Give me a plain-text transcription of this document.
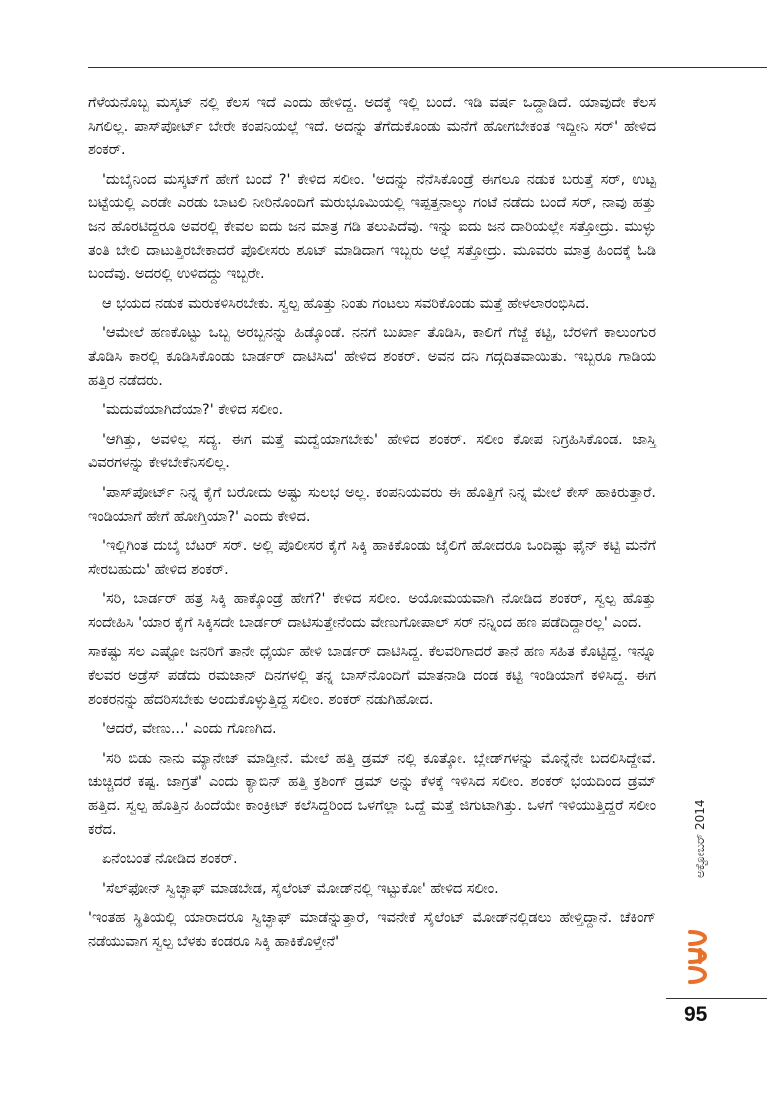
ಗೆಳೆಯನೊಬ್ಬ ಮಸ್ಕಟ್ ನಲ್ಲಿ ಕೆಲಸ ಇದೆ ಎಂದು ಹೇಳಿದ್ದ. ಅದಕ್ಕೆ ಇಲ್ಲಿ ಬಂದೆ. ಇಡಿ ವರ್ಷ ಒದ್ದಾಡಿದೆ. ಯಾವುದೇ ಕೆಲಸ ಸಿಗಲಿಲ್ಲ. ಪಾಸ್‌ಪೋರ್ಟ್ ಬೇರೇ ಕಂಪನಿಯಲ್ಲೆ ಇದೆ. ಅದನ್ನು ತೆಗೆದುಕೊಂಡು ಮನೆಗೆ ಹೋಗಬೇಕಂತ ಇದ್ದೀನಿ ಸರ್' ಹೇಳಿದ ಶಂಕರ್.

'ದುಬೈನಿಂದ ಮಸ್ಕಟ್‌ಗೆ ಹೇಗೆ ಬಂದೆ ?' ಕೇಳಿದ ಸಲೀಂ. 'ಅದನ್ನು ನೆನೆಸಿಕೊಂಡ್ರೆ ಈಗಲೂ ನಡುಕ ಬರುತ್ತೆ ಸರ್, ಉಟ್ಟ ಬಟ್ಟೆಯಲ್ಲಿ ಎರಡೇ ಎರಡು ಬಾಟಲಿ ನೀರಿನೊಂದಿಗೆ ಮರುಭೂಮಿಯಲ್ಲಿ ಇಪ್ಪತ್ತನಾಲ್ಕು ಗಂಟೆ ನಡೆದು ಬಂದೆ ಸರ್, ನಾವು ಹತ್ತು ಜನ ಹೊರಟಿದ್ದರೂ ಅವರಲ್ಲಿ ಕೇವಲ ಐದು ಜನ ಮಾತ್ರ ಗಡಿ ತಲುಪಿದೆವು. ಇನ್ನು ಐದು ಜನ ದಾರಿಯಲ್ಲೇ ಸತ್ತೋದ್ರು. ಮುಳ್ಳು ತಂತಿ ಬೇಲಿ ದಾಟುತ್ತಿರಬೇಕಾದರೆ ಪೊಲೀಸರು ಶೂಟ್ ಮಾಡಿದಾಗ ಇಬ್ಬರು ಅಲ್ಲೆ ಸತ್ತೋದ್ರು. ಮೂವರು ಮಾತ್ರ ಹಿಂದಕ್ಕೆ ಓಡಿ ಬಂದೆವು. ಅದರಲ್ಲಿ ಉಳಿದದ್ದು ಇಬ್ಬರೇ.

ಆ ಭಯದ ನಡುಕ ಮರುಕಳಿಸಿರಬೇಕು. ಸ್ವಲ್ಪ ಹೊತ್ತು ನಿಂತು ಗಂಟಲು ಸವರಿಕೊಂಡು ಮತ್ತೆ ಹೇಳಲಾರಂಭಿಸಿದ.

'ಆಮೇಲೆ ಹಣಕೊಟ್ಟು ಒಬ್ಬ ಅರಬ್ಬನನ್ನು ಹಿಡ್ಕೊಂಡೆ. ನನಗೆ ಬುರ್ಖಾ ತೊಡಿಸಿ, ಕಾಲಿಗೆ ಗೆಜ್ಜೆ ಕಟ್ಟಿ, ಬೆರಳಿಗೆ ಕಾಲುಂಗುರ ತೊಡಿಸಿ ಕಾರಲ್ಲಿ ಕೂಡಿಸಿಕೊಂಡು ಬಾರ್ಡರ್ ದಾಟಿಸಿದ' ಹೇಳಿದ ಶಂಕರ್. ಅವನ ದನಿ ಗದ್ಗದಿತವಾಯಿತು. ಇಬ್ಬರೂ ಗಾಡಿಯ ಹತ್ತಿರ ನಡೆದರು.

'ಮದುವೆಯಾಗಿದೆಯಾ?' ಕೇಳಿದ ಸಲೀಂ.

'ಆಗಿತ್ತು, ಅವಳಿಲ್ಲ ಸದ್ಯ. ಈಗ ಮತ್ತೆ ಮದ್ವೆಯಾಗಬೇಕು' ಹೇಳಿದ ಶಂಕರ್. ಸಲೀಂ ಕೋಪ ನಿಗ್ರಹಿಸಿಕೊಂಡ. ಜಾಸ್ತಿ ವಿವರಗಳನ್ನು ಕೇಳಬೇಕೆನಿಸಲಿಲ್ಲ.

'ಪಾಸ್‌ಪೋರ್ಟ್ ನಿನ್ನ ಕೈಗೆ ಬರೋದು ಅಷ್ಟು ಸುಲಭ ಅಲ್ಲ. ಕಂಪನಿಯವರು ಈ ಹೊತ್ತಿಗೆ ನಿನ್ನ ಮೇಲೆ ಕೇಸ್ ಹಾಕಿರುತ್ತಾರೆ. ಇಂಡಿಯಾಗೆ ಹೇಗೆ ಹೋಗ್ತಿಯಾ?' ಎಂದು ಕೇಳಿದ.

'ಇಲ್ಲಿಗಿಂತ ದುಬೈ ಬೆಟರ್ ಸರ್. ಅಲ್ಲಿ ಪೊಲೀಸರ ಕೈಗೆ ಸಿಕ್ಕಿ ಹಾಕಿಕೊಂಡು ಜೈಲಿಗೆ ಹೋದರೂ ಒಂದಿಷ್ಟು ಫೈನ್ ಕಟ್ಟಿ ಮನೆಗೆ ಸೇರಬಹುದು' ಹೇಳಿದ ಶಂಕರ್.

'ಸರಿ, ಬಾರ್ಡರ್ ಹತ್ರ ಸಿಕ್ಕಿ ಹಾಕ್ಕೊಂಡ್ರೆ ಹೇಗೆ?' ಕೇಳಿದ ಸಲೀಂ. ಅಯೋಮಯವಾಗಿ ನೋಡಿದ ಶಂಕರ್, ಸ್ವಲ್ಪ ಹೊತ್ತು ಸಂದೇಹಿಸಿ 'ಯಾರ ಕೈಗೆ ಸಿಕ್ಕಿಸದೇ ಬಾರ್ಡರ್ ದಾಟಿಸುತ್ತೇನೆಂದು ವೇಣುಗೋಪಾಲ್ ಸರ್ ನನ್ನಿಂದ ಹಣ ಪಡೆದಿದ್ದಾರಲ್ಲ' ಎಂದ.

ಸಾಕಷ್ಟು ಸಲ ಎಷ್ಟೋ ಜನರಿಗೆ ತಾನೇ ಧೈರ್ಯ ಹೇಳಿ ಬಾರ್ಡರ್ ದಾಟಿಸಿದ್ದ. ಕೆಲವರಿಗಾದರೆ ತಾನೆ ಹಣ ಸಹಿತ ಕೊಟ್ಟಿದ್ದ. ಇನ್ನೂ ಕೆಲವರ ಅಡ್ರೆಸ್ ಪಡೆದು ರಮಜಾನ್ ದಿನಗಳಲ್ಲಿ ತನ್ನ ಬಾಸ್‌ನೊಂದಿಗೆ ಮಾತನಾಡಿ ದಂಡ ಕಟ್ಟಿ ಇಂಡಿಯಾಗೆ ಕಳಿಸಿದ್ದ. ಈಗ ಶಂಕರನನ್ನು ಹೆದರಿಸಬೇಕು ಅಂದುಕೊಳ್ಳುತ್ತಿದ್ದ ಸಲೀಂ. ಶಂಕರ್ ನಡುಗಿಹೋದ.

'ಆದರೆ, ವೇಣು...' ಎಂದು ಗೊಣಗಿದ.

'ಸರಿ ಬಿಡು ನಾನು ಮ್ಯಾನೇಜ್ ಮಾಡ್ತೀನೆ. ಮೇಲೆ ಹತ್ತಿ ಡ್ರಮ್ ನಲ್ಲಿ ಕೂತ್ಕೋ. ಬ್ಲೇಡ್‌ಗಳನ್ನು ಮೊನ್ನೆನೇ ಬದಲಿಸಿದ್ದೇವೆ. ಚುಚ್ಚಿದರೆ ಕಷ್ಟ. ಜಾಗ್ರತೆ' ಎಂದು ಕ್ಯಾಬಿನ್ ಹತ್ತಿ ಕ್ರಶಿಂಗ್ ಡ್ರಮ್ ಅನ್ನು ಕೆಳಕ್ಕೆ ಇಳಿಸಿದ ಸಲೀಂ. ಶಂಕರ್ ಭಯದಿಂದ ಡ್ರಮ್ ಹತ್ತಿದ. ಸ್ವಲ್ಪ ಹೊತ್ತಿನ ಹಿಂದೆಯೇ ಕಾಂಕ್ರೀಟ್ ಕಲೆಸಿದ್ದರಿಂದ ಒಳಗೆಲ್ಲಾ ಒದ್ದೆ ಮತ್ತೆ ಜಿಗುಟಾಗಿತ್ತು. ಒಳಗೆ ಇಳಿಯುತ್ತಿದ್ದರೆ ಸಲೀಂ ಕರೆದ.

ಏನೆಂಬಂತೆ ನೋಡಿದ ಶಂಕರ್.

'ಸೆಲ್‌ಫೋನ್ ಸ್ವಿಚ್ಛಾಫ್ ಮಾಡಬೇಡ, ಸೈಲೆಂಟ್ ಮೋಡ್‌ನಲ್ಲಿ ಇಟ್ಟುಕೋ' ಹೇಳಿದ ಸಲೀಂ.

'ಇಂತಹ ಸ್ಥಿತಿಯಲ್ಲಿ ಯಾರಾದರೂ ಸ್ವಿಚ್ಛಾಫ್ ಮಾಡೆನ್ನುತ್ತಾರೆ, ಇವನೇಕೆ ಸೈಲೆಂಟ್ ಮೋಡ್‌ನಲ್ಲಿಡಲು ಹೇಳ್ತಿದ್ದಾನೆ. ಚೆಕಿಂಗ್ ನಡೆಯುವಾಗ ಸ್ವಲ್ಪ ಬೆಳಕು ಕಂಡರೂ ಸಿಕ್ಕಿ ಹಾಕಿಕೊಳ್ತೇನೆ'

ಅಕ್ಟೋಬರ್ 2014
95
